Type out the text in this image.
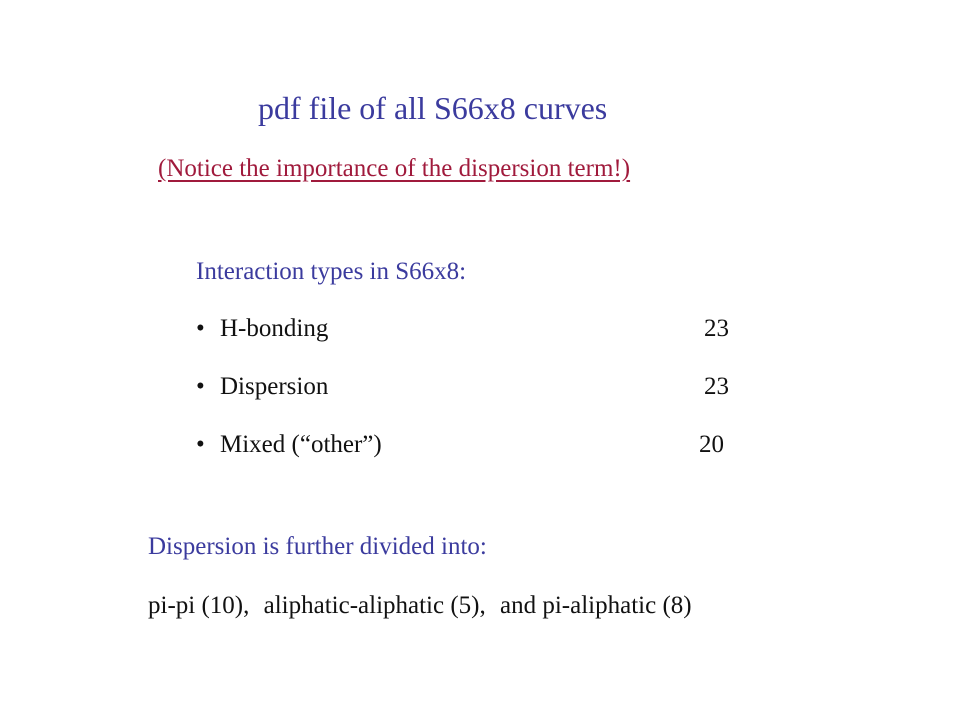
pdf file of all S66x8 curves
(Notice the importance of the dispersion term!)
Interaction types in S66x8:
• H-bonding	23
• Dispersion	23
• Mixed (“other”)	20
Dispersion is further divided into:
pi-pi (10), aliphatic-aliphatic (5), and pi-aliphatic (8)
